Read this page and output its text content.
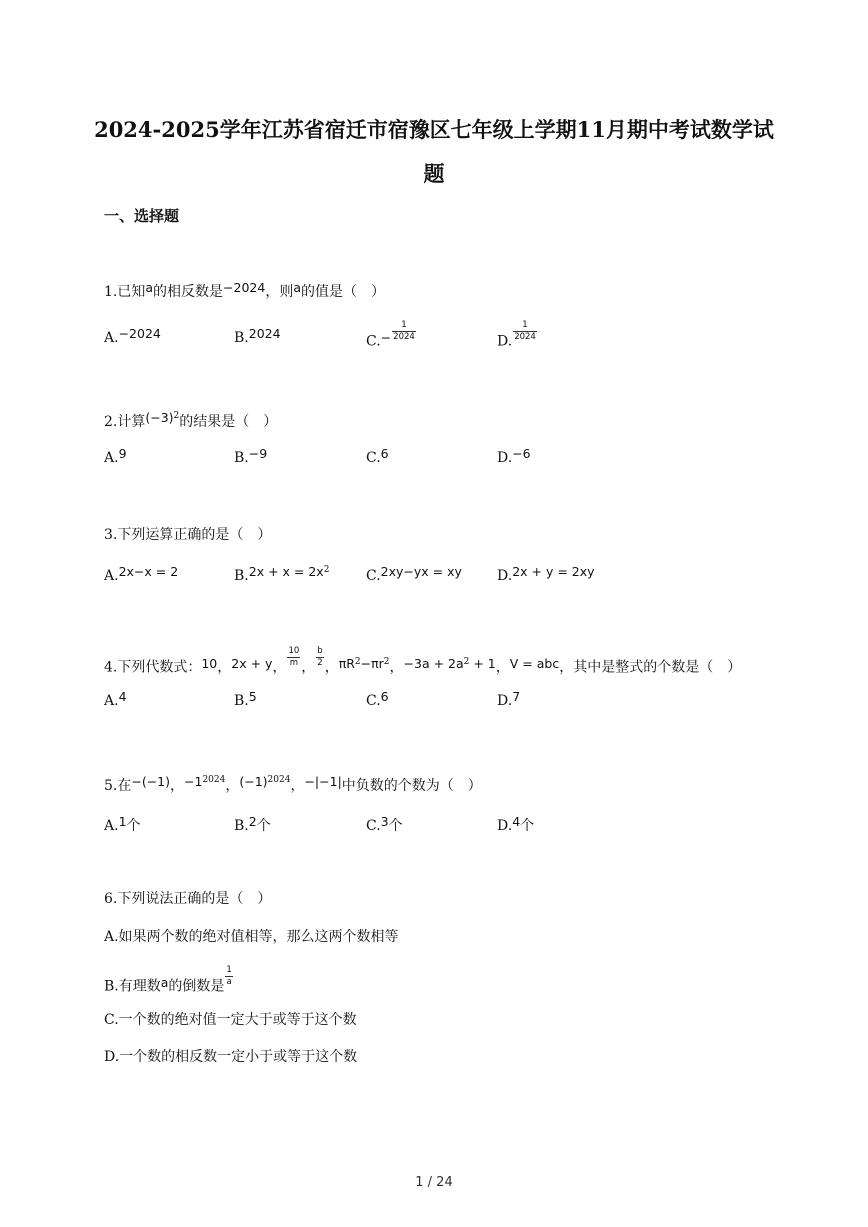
2024-2025学年江苏省宿迁市宿豫区七年级上学期11月期中考试数学试
题
一、选择题
1.已知a的相反数是−2024，则a的值是（　）
A.−2024	B.2024	$C.- \frac{1}{2024}$	D. $\frac{1}{2024}$
2.计算$(-3)^2$的结果是（　）
A.9	B.−9	C.6	D.−6
3.下列运算正确的是（　）
A.2x−x = 2	$B.2x + x = 2x^2$	C.2xy−yx = xy	D.2x + y = 2xy
4.下列代数式：10，2x + y， $\frac{10}{m}$ ， $\frac{b}{2}$ ，$\pi R^2-\pi r^2$，$-3a + 2a^2 + 1$，V = abc，其中是整式的个数是（　）
A.4	B.5	C.6	D.7
5.在−(−1)，$-1^{2024}$，$(-1)^{2024}$，−|−1|中负数的个数为（　）
A.1个	B.2个	C.3个	D.4个
6.下列说法正确的是（　）
A.如果两个数的绝对值相等，那么这两个数相等
B.有理数a的倒数是 $\frac{1}{a}$
C.一个数的绝对值一定大于或等于这个数
D.一个数的相反数一定小于或等于这个数
1 / 24
